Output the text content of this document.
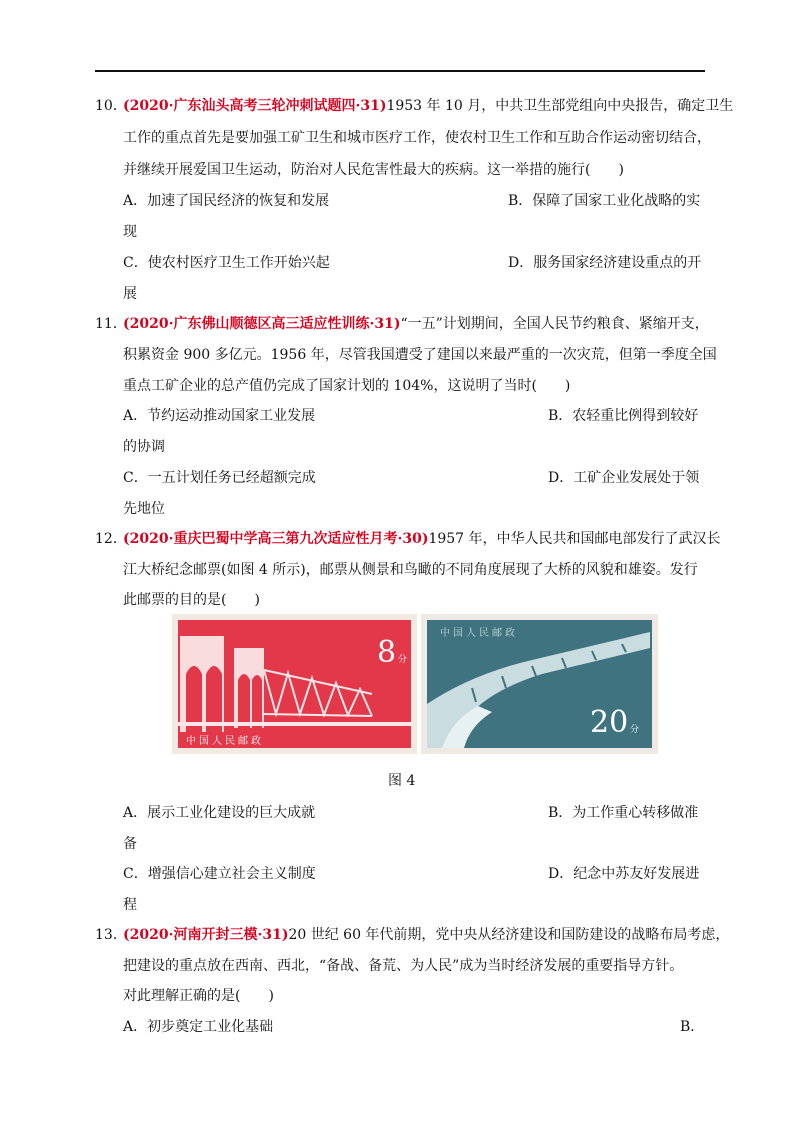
10．
(2020·广东汕头高考三轮冲刺试题四·31)1953 年 10 月，中共卫生部党组向中央报告，确定卫生
工作的重点首先是要加强工矿卫生和城市医疗工作，使农村卫生工作和互助合作运动密切结合，
并继续开展爱国卫生运动，防治对人民危害性最大的疾病。这一举措的施行(　　)
A．加速了国民经济的恢复和发展	B．保障了国家工业化战略的实
现
C．使农村医疗卫生工作开始兴起	D．服务国家经济建设重点的开
展
11．
(2020·广东佛山顺德区高三适应性训练·31)“一五”计划期间，全国人民节约粮食、紧缩开支，
积累资金 900 多亿元。1956 年，尽管我国遭受了建国以来最严重的一次灾荒，但第一季度全国
重点工矿企业的总产值仍完成了国家计划的 104%，这说明了当时(　　)
A．节约运动推动国家工业发展	B．农轻重比例得到较好
的协调
C．一五计划任务已经超额完成	D．工矿企业发展处于领
先地位
12．
(2020·重庆巴蜀中学高三第九次适应性月考·30)1957 年，中华人民共和国邮电部发行了武汉长
江大桥纪念邮票(如图 4 所示)，邮票从侧景和鸟瞰的不同角度展现了大桥的风貌和雄姿。发行
此邮票的目的是(　　)
8 分
中国人民邮政
中国人民邮政
20 分
图 4
A．展示工业化建设的巨大成就	B．为工作重心转移做准
备
C．增强信心建立社会主义制度	D．纪念中苏友好发展进
程
13．
(2020·河南开封三模·31)20 世纪 60 年代前期，党中央从经济建设和国防建设的战略布局考虑，
把建设的重点放在西南、西北，“备战、备荒、为人民”成为当时经济发展的重要指导方针。
对此理解正确的是(　　)
A．初步奠定工业化基础	B．
